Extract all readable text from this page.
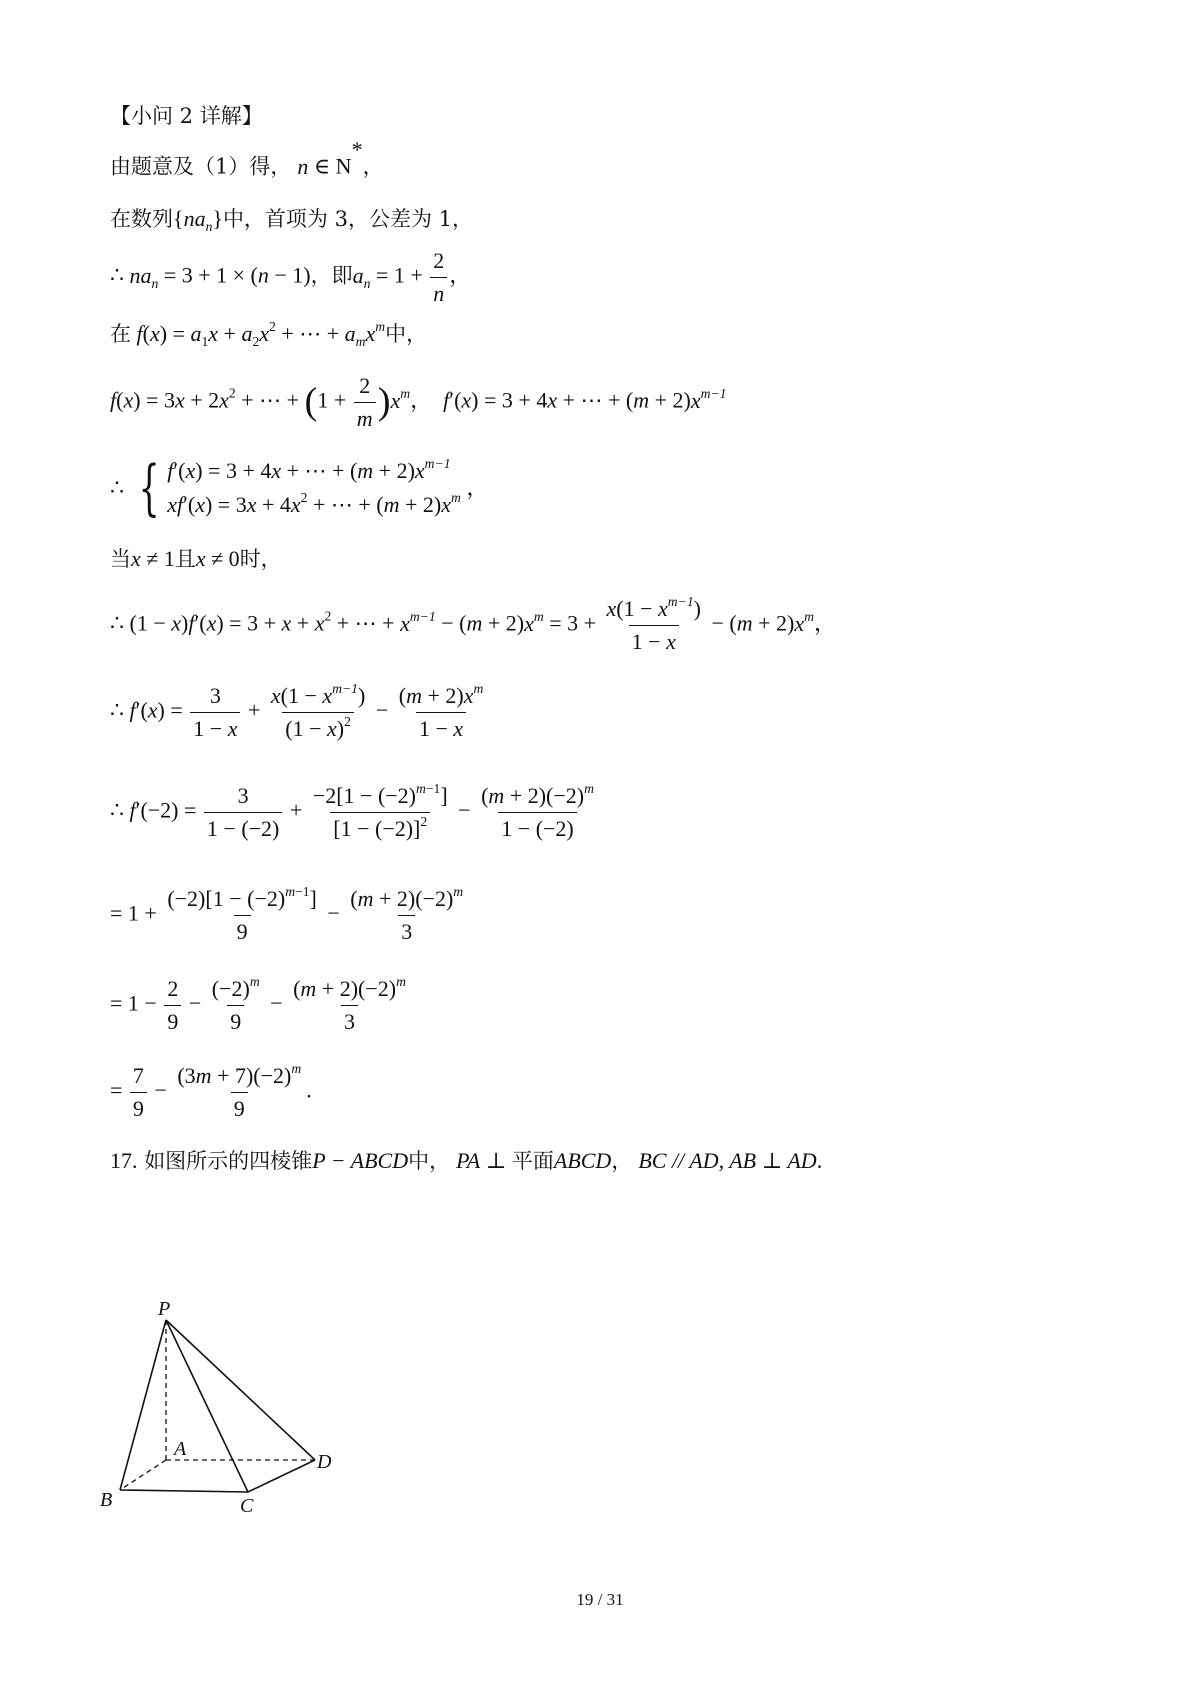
【小问 2 详解】
由题意及（1）得， n ∈ N*，
在数列$\{na_n\}$中，首项为 3，公差为 1，
∴ $na_n = 3 + 1 \times (n - 1)$，即$a_n = 1 + \frac{2}{n}$ ，
在 $f(x) = a_1x + a_2x^2$ + ⋯ + $a_mx^m$中，
$f(x) = 3x + 2x^2$ + ⋯ + $(1 + \frac{2}{m} )x^m$，  f′(x) = 3 + 4x + ⋯ + $(m + 2)x^{m-1}$
∴ { f′(x) = 3 + 4x + ⋯ + $(m + 2)x^{m-1}$
$xf'(x) = 3x + 4x^2$ + ⋯ + $(m + 2)x^m$ ，
当x ≠ 1且x ≠ 0时，
∴ $(1 - x)f'(x) = 3 + x + x^2$ + ⋯ + $x^{m-1} - (m + 2)x^m = 3 + \frac{x(1 - x^{m-1})}{1 - x} - (m + 2)x^m$，
∴ $f'(x) = \frac{3}{1 - x} + \frac{x(1 - x^{m-1})}{(1 - x)^2} - \frac{(m + 2)x^m}{1 - x}$
∴ $f'(-2) = \frac{3}{1 - (-2)} + \frac{-2[1 - (-2)^{m-1}]}{[1 - (-2)]^2} - \frac{(m + 2)(-2)^m}{1 - (-2)}$
= $1 + \frac{(-2)[1 - (-2)^{m-1}]}{9} - \frac{(m + 2)(-2)^m}{3}$
= $1 - \frac{2}{9} - \frac{(-2)^m}{9} - \frac{(m + 2)(-2)^m}{3}$
= $\frac{7}{9} - \frac{(3m + 7)(-2)^m}{9}$ .
17. 如图所示的四棱锥P − ABCD中， PA ⊥ 平面ABCD， BC // AD, AB ⊥ AD.
P
A
B	C
D
19 / 31
